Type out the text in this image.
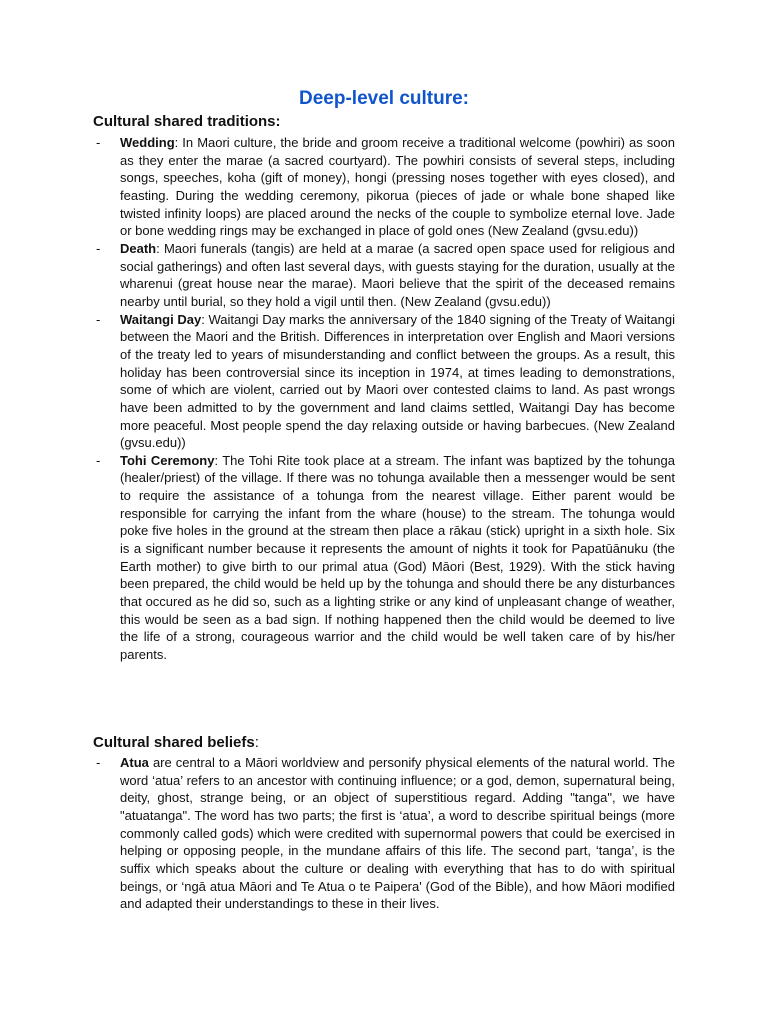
Deep-level culture:
Cultural shared traditions:
- Wedding: In Maori culture, the bride and groom receive a traditional welcome (powhiri) as soon as they enter the marae (a sacred courtyard). The powhiri consists of several steps, including songs, speeches, koha (gift of money), hongi (pressing noses together with eyes closed), and feasting. During the wedding ceremony, pikorua (pieces of jade or whale bone shaped like twisted infinity loops) are placed around the necks of the couple to symbolize eternal love. Jade or bone wedding rings may be exchanged in place of gold ones (New Zealand (gvsu.edu))
- Death: Maori funerals (tangis) are held at a marae (a sacred open space used for religious and social gatherings) and often last several days, with guests staying for the duration, usually at the wharenui (great house near the marae). Maori believe that the spirit of the deceased remains nearby until burial, so they hold a vigil until then. (New Zealand (gvsu.edu))
- Waitangi Day: Waitangi Day marks the anniversary of the 1840 signing of the Treaty of Waitangi between the Maori and the British. Differences in interpretation over English and Maori versions of the treaty led to years of misunderstanding and conflict between the groups. As a result, this holiday has been controversial since its inception in 1974, at times leading to demonstrations, some of which are violent, carried out by Maori over contested claims to land. As past wrongs have been admitted to by the government and land claims settled, Waitangi Day has become more peaceful. Most people spend the day relaxing outside or having barbecues. (New Zealand (gvsu.edu))
- Tohi Ceremony: The Tohi Rite took place at a stream. The infant was baptized by the tohunga (healer/priest) of the village. If there was no tohunga available then a messenger would be sent to require the assistance of a tohunga from the nearest village. Either parent would be responsible for carrying the infant from the whare (house) to the stream. The tohunga would poke five holes in the ground at the stream then place a rākau (stick) upright in a sixth hole. Six is a significant number because it represents the amount of nights it took for Papatūānuku (the Earth mother) to give birth to our primal atua (God) Māori (Best, 1929). With the stick having been prepared, the child would be held up by the tohunga and should there be any disturbances that occured as he did so, such as a lighting strike or any kind of unpleasant change of weather, this would be seen as a bad sign. If nothing happened then the child would be deemed to live the life of a strong, courageous warrior and the child would be well taken care of by his/her parents.
Cultural shared beliefs:
- Atua are central to a Māori worldview and personify physical elements of the natural world. The word ‘atua’ refers to an ancestor with continuing influence; or a god, demon, supernatural being, deity, ghost, strange being, or an object of superstitious regard. Adding "tanga", we have "atuatanga". The word has two parts; the first is ‘atua’, a word to describe spiritual beings (more commonly called gods) which were credited with supernormal powers that could be exercised in helping or opposing people, in the mundane affairs of this life. The second part, ‘tanga’, is the suffix which speaks about the culture or dealing with everything that has to do with spiritual beings, or ‘ngā atua Māori and Te Atua o te Paipera' (God of the Bible), and how Māori modified and adapted their understandings to these in their lives.
